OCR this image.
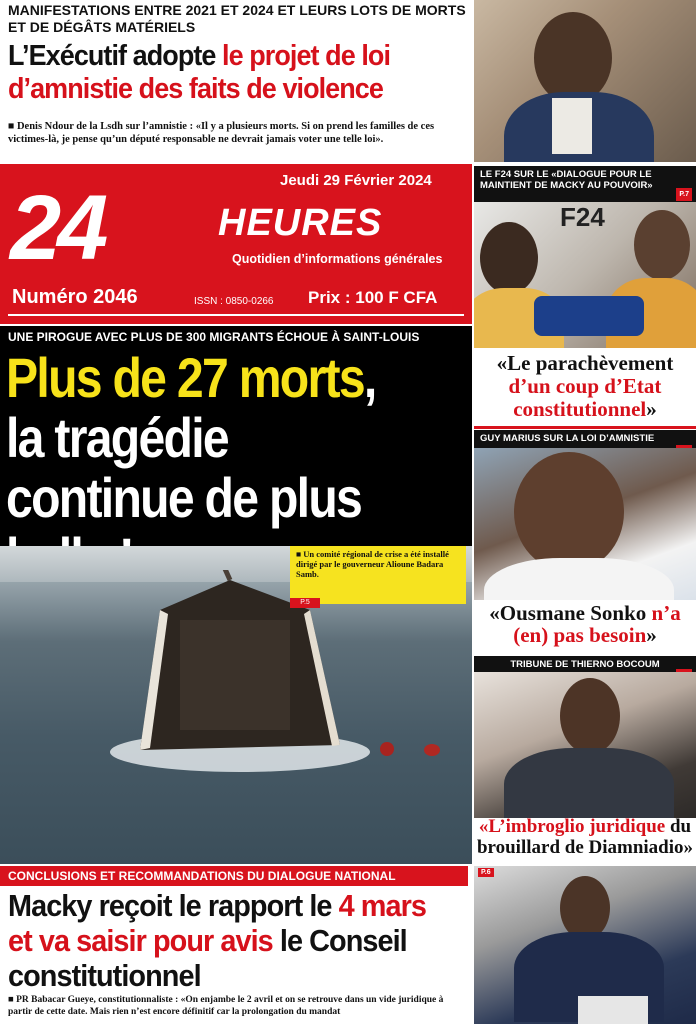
MANIFESTATIONS ENTRE 2021 ET 2024 ET LEURS LOTS DE MORTS ET DE DÉGÂTS MATÉRIELS
L’Exécutif adopte le projet de loi d’amnistie des faits de violence
■ Denis Ndour de la Lsdh sur l’amnistie : «Il y a plusieurs morts. Si on prend les familles de ces victimes-là, je pense qu’un député responsable ne devrait jamais voter une telle loi».
Jeudi 29 Février 2024
24	HEURES
Quotidien d’informations générales
Numéro 2046	ISSN : 0850-0266 Prix : 100 F CFA
UNE PIROGUE AVEC PLUS DE 300 MIGRANTS ÉCHOUE À SAINT-LOUIS
Plus de 27 morts, la tragédie continue de plus
■ Un comité régional de crise a été installé dirigé par le gouverneur Alioune Badara Samb.
P.5
LE F24 SUR LE «DIALOGUE POUR LE MAINTIENT DE MACKY AU POUVOIR»
P.7
F24
«Le parachèvement d’un coup d’Etat constitutionnel»
GUY MARIUS SUR LA LOI D’AMNISTIE
«Ousmane Sonko n’a (en) pas besoin»
TRIBUNE DE THIERNO BOCOUM
«L’imbroglio juridique du brouillard de Diamniadio»
CONCLUSIONS ET RECOMMANDATIONS DU DIALOGUE NATIONAL
Macky reçoit le rapport le 4 mars et va saisir pour avis le Conseil constitutionnel
■ PR Babacar Gueye, constitutionnaliste : «On enjambe le 2 avril et on se retrouve dans un vide juridique à partir de cette date. Mais rien n’est encore définitif car la prolongation du mandat
P.6
